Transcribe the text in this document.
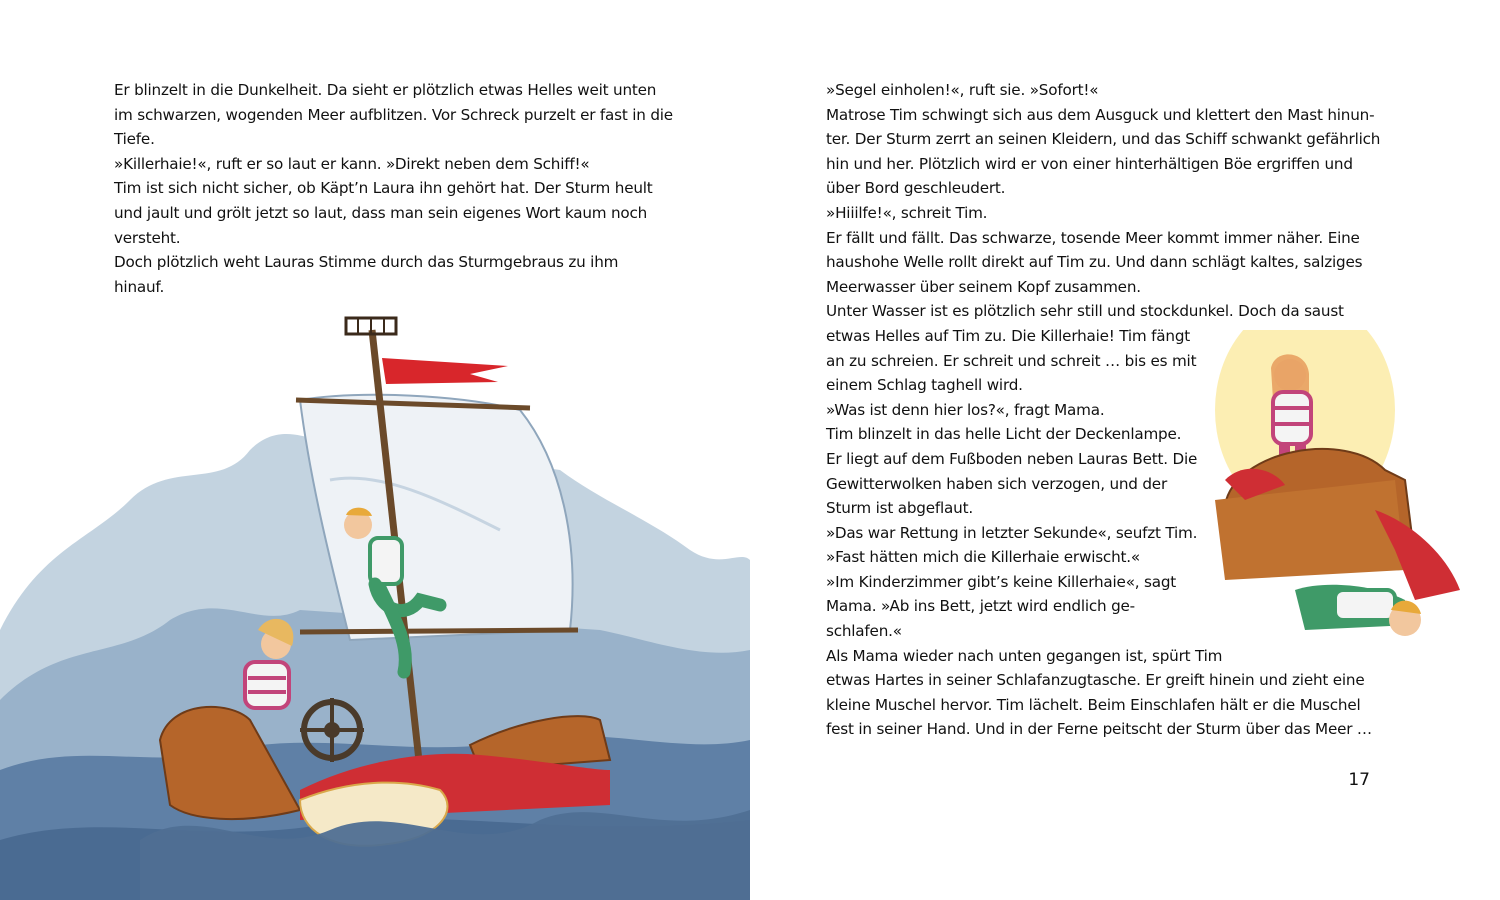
Er blinzelt in die Dunkelheit. Da sieht er plötzlich etwas Helles weit unten

im schwarzen, wogenden Meer aufblitzen. Vor Schreck purzelt er fast in die

Tiefe.

»Killerhaie!«, ruft er so laut er kann. »Direkt neben dem Schiff!«

Tim ist sich nicht sicher, ob Käpt’n Laura ihn gehört hat. Der Sturm heult

und jault und grölt jetzt so laut, dass man sein eigenes Wort kaum noch

versteht.

Doch plötzlich weht Lauras Stimme durch das Sturmgebraus zu ihm

hinauf.

»Segel einholen!«, ruft sie. »Sofort!«

Matrose Tim schwingt sich aus dem Ausguck und klettert den Mast hinun-

ter. Der Sturm zerrt an seinen Kleidern, und das Schiff schwankt gefährlich

hin und her. Plötzlich wird er von einer hinterhältigen Böe ergriffen und

über Bord geschleudert.

»Hiiilfe!«, schreit Tim.

Er fällt und fällt. Das schwarze, tosende Meer kommt immer näher. Eine

haushohe Welle rollt direkt auf Tim zu. Und dann schlägt kaltes, salziges

Meerwasser über seinem Kopf zusammen.

Unter Wasser ist es plötzlich sehr still und stockdunkel. Doch da saust

etwas Helles auf Tim zu. Die Killerhaie! Tim fängt

an zu schreien. Er schreit und schreit … bis es mit

einem Schlag taghell wird.

»Was ist denn hier los?«, fragt Mama.

Tim blinzelt in das helle Licht der Deckenlampe.

Er liegt auf dem Fußboden neben Lauras Bett. Die

Gewitterwolken haben sich verzogen, und der

Sturm ist abgeflaut.

»Das war Rettung in letzter Sekunde«, seufzt Tim.

»Fast hätten mich die Killerhaie erwischt.«

»Im Kinderzimmer gibt’s keine Killerhaie«, sagt

Mama. »Ab ins Bett, jetzt wird endlich ge-

schlafen.«

Als Mama wieder nach unten gegangen ist, spürt Tim

etwas Hartes in seiner Schlafanzugtasche. Er greift hinein und zieht eine

kleine Muschel hervor. Tim lächelt. Beim Einschlafen hält er die Muschel

fest in seiner Hand. Und in der Ferne peitscht der Sturm über das Meer …

17
